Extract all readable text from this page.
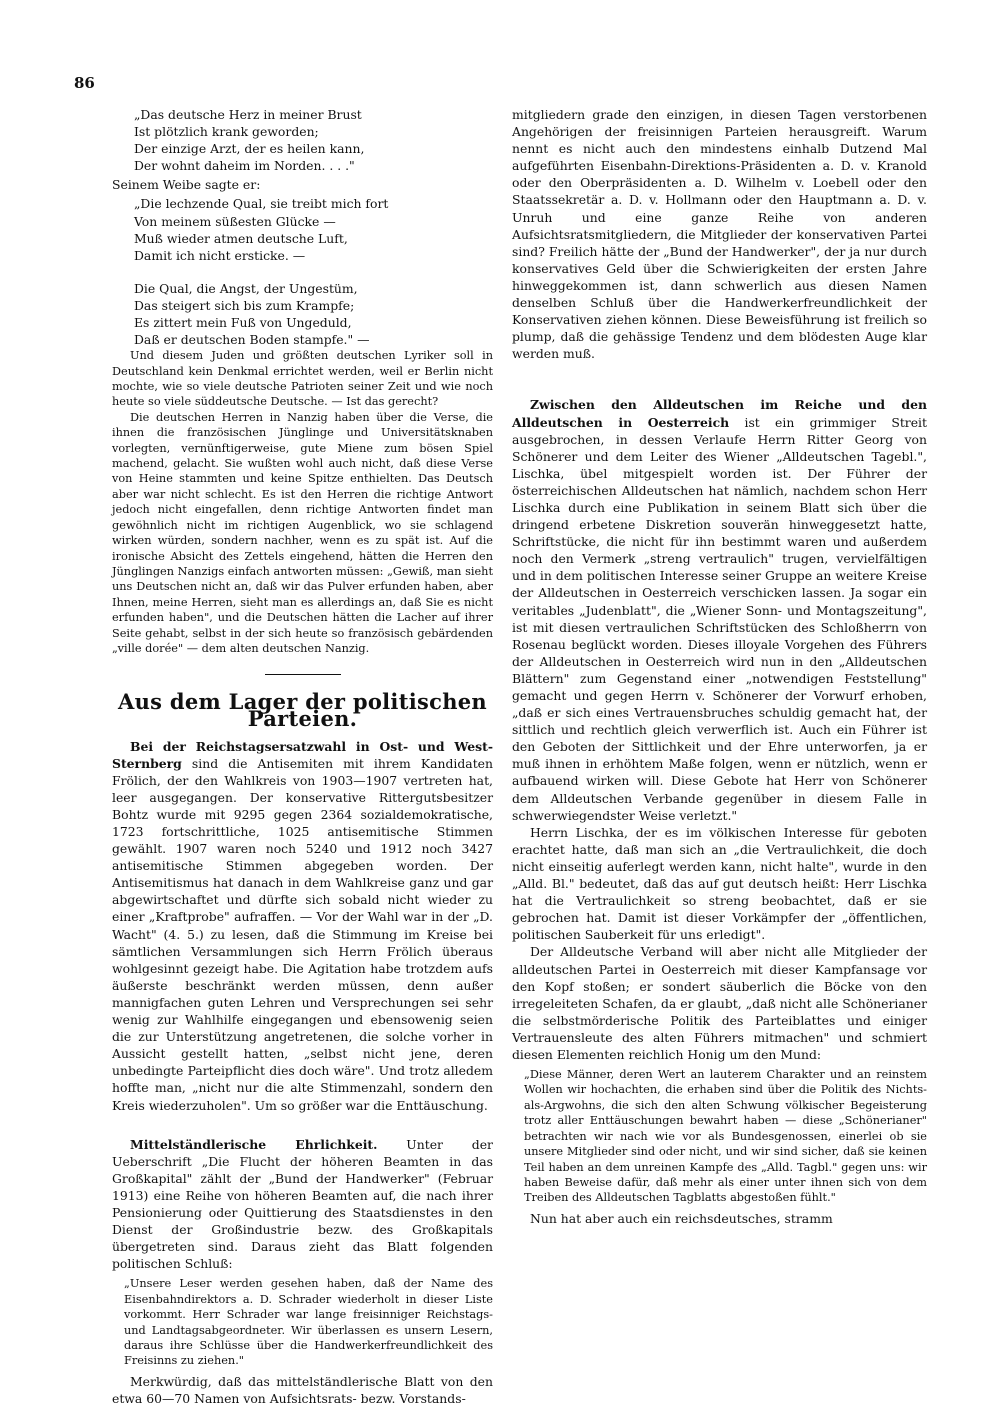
86
„Das deutsche Herz in meiner Brust
Ist plötzlich krank geworden;
Der einzige Arzt, der es heilen kann,
Der wohnt daheim im Norden. . . ."

Seinem Weibe sagte er:

„Die lechzende Qual, sie treibt mich fort
Von meinem süßesten Glücke —
Muß wieder atmen deutsche Luft,
Damit ich nicht ersticke. —
Die Qual, die Angst, der Ungestüm,
Das steigert sich bis zum Krampfe;
Es zittert mein Fuß von Ungeduld,
Daß er deutschen Boden stampfe." —

Und diesem Juden und größten deutschen Lyriker soll in Deutschland kein Denkmal errichtet werden, weil er Berlin nicht mochte, wie so viele deutsche Patrioten seiner Zeit und wie noch heute so viele süddeutsche Deutsche. — Ist das gerecht?

Die deutschen Herren in Nanzig haben über die Verse, die ihnen die französischen Jünglinge und Universitätsknaben vorlegten, vernünftigerweise, gute Miene zum bösen Spiel machend, gelacht. Sie wußten wohl auch nicht, daß diese Verse von Heine stammten und keine Spitze enthielten. Das Deutsch aber war nicht schlecht. Es ist den Herren die richtige Antwort jedoch nicht eingefallen, denn richtige Antworten findet man gewöhnlich nicht im richtigen Augenblick, wo sie schlagend wirken würden, sondern nachher, wenn es zu spät ist. Auf die ironische Absicht des Zettels eingehend, hätten die Herren den Jünglingen Nanzigs einfach antworten müssen: „Gewiß, man sieht uns Deutschen nicht an, daß wir das Pulver erfunden haben, aber Ihnen, meine Herren, sieht man es allerdings an, daß Sie es nicht erfunden haben", und die Deutschen hätten die Lacher auf ihrer Seite gehabt, selbst in der sich heute so französisch gebärdenden „ville dorée" — dem alten deutschen Nanzig.

Aus dem Lager der politischen Parteien.

Bei der Reichstagsersatzwahl in Ost- und West-Sternberg sind die Antisemiten mit ihrem Kandidaten Frölich, der den Wahlkreis von 1903—1907 vertreten hat, leer ausgegangen. Der konservative Rittergutsbesitzer Bohtz wurde mit 9295 gegen 2364 sozialdemokratische, 1723 fortschrittliche, 1025 antisemitische Stimmen gewählt. 1907 waren noch 5240 und 1912 noch 3427 antisemitische Stimmen abgegeben worden. Der Antisemitismus hat danach in dem Wahlkreise ganz und gar abgewirtschaftet und dürfte sich sobald nicht wieder zu einer „Kraftprobe" aufraffen. — Vor der Wahl war in der „D. Wacht" (4. 5.) zu lesen, daß die Stimmung im Kreise bei sämtlichen Versammlungen sich Herrn Frölich überaus wohlgesinnt gezeigt habe. Die Agitation habe trotzdem aufs äußerste beschränkt werden müssen, denn außer mannigfachen guten Lehren und Versprechungen sei sehr wenig zur Wahlhilfe eingegangen und ebensowenig seien die zur Unterstützung angetretenen, die solche vorher in Aussicht gestellt hatten, „selbst nicht jene, deren unbedingte Parteipflicht dies doch wäre". Und trotz alledem hoffte man, „nicht nur die alte Stimmenzahl, sondern den Kreis wiederzuholen". Um so größer war die Enttäuschung.

Mittelständlerische Ehrlichkeit. Unter der Ueberschrift „Die Flucht der höheren Beamten in das Großkapital" zählt der „Bund der Handwerker" (Februar 1913) eine Reihe von höheren Beamten auf, die nach ihrer Pensionierung oder Quittierung des Staatsdienstes in den Dienst der Großindustrie bezw. des Großkapitals übergetreten sind. Daraus zieht das Blatt folgenden politischen Schluß:

„Unsere Leser werden gesehen haben, daß der Name des Eisenbahndirektors a. D. Schrader wiederholt in dieser Liste vorkommt. Herr Schrader war lange freisinniger Reichstags- und Landtagsabgeordneter. Wir überlassen es unsern Lesern, daraus ihre Schlüsse über die Handwerkerfreundlichkeit des Freisinns zu ziehen."

Merkwürdig, daß das mittelständlerische Blatt von den etwa 60—70 Namen von Aufsichtsrats- bezw. Vorstands-

mitgliedern grade den einzigen, in diesen Tagen verstorbenen Angehörigen der freisinnigen Parteien herausgreift. Warum nennt es nicht auch den mindestens einhalb Dutzend Mal aufgeführten Eisenbahn-Direktions-Präsidenten a. D. v. Kranold oder den Oberpräsidenten a. D. Wilhelm v. Loebell oder den Staatssekretär a. D. v. Hollmann oder den Hauptmann a. D. v. Unruh und eine ganze Reihe von anderen Aufsichtsratsmitgliedern, die Mitglieder der konservativen Partei sind? Freilich hätte der „Bund der Handwerker", der ja nur durch konservatives Geld über die Schwierigkeiten der ersten Jahre hinweggekommen ist, dann schwerlich aus diesen Namen denselben Schluß über die Handwerkerfreundlichkeit der Konservativen ziehen können. Diese Beweisführung ist freilich so plump, daß die gehässige Tendenz und dem blödesten Auge klar werden muß.

Zwischen den Alldeutschen im Reiche und den Alldeutschen in Oesterreich ist ein grimmiger Streit ausgebrochen, in dessen Verlaufe Herrn Ritter Georg von Schönerer und dem Leiter des Wiener „Alldeutschen Tagebl.", Lischka, übel mitgespielt worden ist. Der Führer der österreichischen Alldeutschen hat nämlich, nachdem schon Herr Lischka durch eine Publikation in seinem Blatt sich über die dringend erbetene Diskretion souverän hinweggesetzt hatte, Schriftstücke, die nicht für ihn bestimmt waren und außerdem noch den Vermerk „streng vertraulich" trugen, vervielfältigen und in dem politischen Interesse seiner Gruppe an weitere Kreise der Alldeutschen in Oesterreich verschicken lassen. Ja sogar ein veritables „Judenblatt", die „Wiener Sonn- und Montagszeitung", ist mit diesen vertraulichen Schriftstücken des Schloßherrn von Rosenau beglückt worden. Dieses illoyale Vorgehen des Führers der Alldeutschen in Oesterreich wird nun in den „Alldeutschen Blättern" zum Gegenstand einer „notwendigen Feststellung" gemacht und gegen Herrn v. Schönerer der Vorwurf erhoben, „daß er sich eines Vertrauensbruches schuldig gemacht hat, der sittlich und rechtlich gleich verwerflich ist. Auch ein Führer ist den Geboten der Sittlichkeit und der Ehre unterworfen, ja er muß ihnen in erhöhtem Maße folgen, wenn er nützlich, wenn er aufbauend wirken will. Diese Gebote hat Herr von Schönerer dem Alldeutschen Verbande gegenüber in diesem Falle in schwerwiegendster Weise verletzt."

Herrn Lischka, der es im völkischen Interesse für geboten erachtet hatte, daß man sich an „die Vertraulichkeit, die doch nicht einseitig auferlegt werden kann, nicht halte", wurde in den „Alld. Bl." bedeutet, daß das auf gut deutsch heißt: Herr Lischka hat die Vertraulichkeit so streng beobachtet, daß er sie gebrochen hat. Damit ist dieser Vorkämpfer der „öffentlichen, politischen Sauberkeit für uns erledigt".

Der Alldeutsche Verband will aber nicht alle Mitglieder der alldeutschen Partei in Oesterreich mit dieser Kampfansage vor den Kopf stoßen; er sondert säuberlich die Böcke von den irregeleiteten Schafen, da er glaubt, „daß nicht alle Schönerianer die selbstmörderische Politik des Parteiblattes und einiger Vertrauensleute des alten Führers mitmachen" und schmiert diesen Elementen reichlich Honig um den Mund:

„Diese Männer, deren Wert an lauterem Charakter und an reinstem Wollen wir hochachten, die erhaben sind über die Politik des Nichts-als-Argwohns, die sich den alten Schwung völkischer Begeisterung trotz aller Enttäuschungen bewahrt haben — diese „Schönerianer" betrachten wir nach wie vor als Bundesgenossen, einerlei ob sie unsere Mitglieder sind oder nicht, und wir sind sicher, daß sie keinen Teil haben an dem unreinen Kampfe des „Alld. Tagbl." gegen uns: wir haben Beweise dafür, daß mehr als einer unter ihnen sich von dem Treiben des Alldeutschen Tagblatts abgestoßen fühlt."

Nun hat aber auch ein reichsdeutsches, stramm
